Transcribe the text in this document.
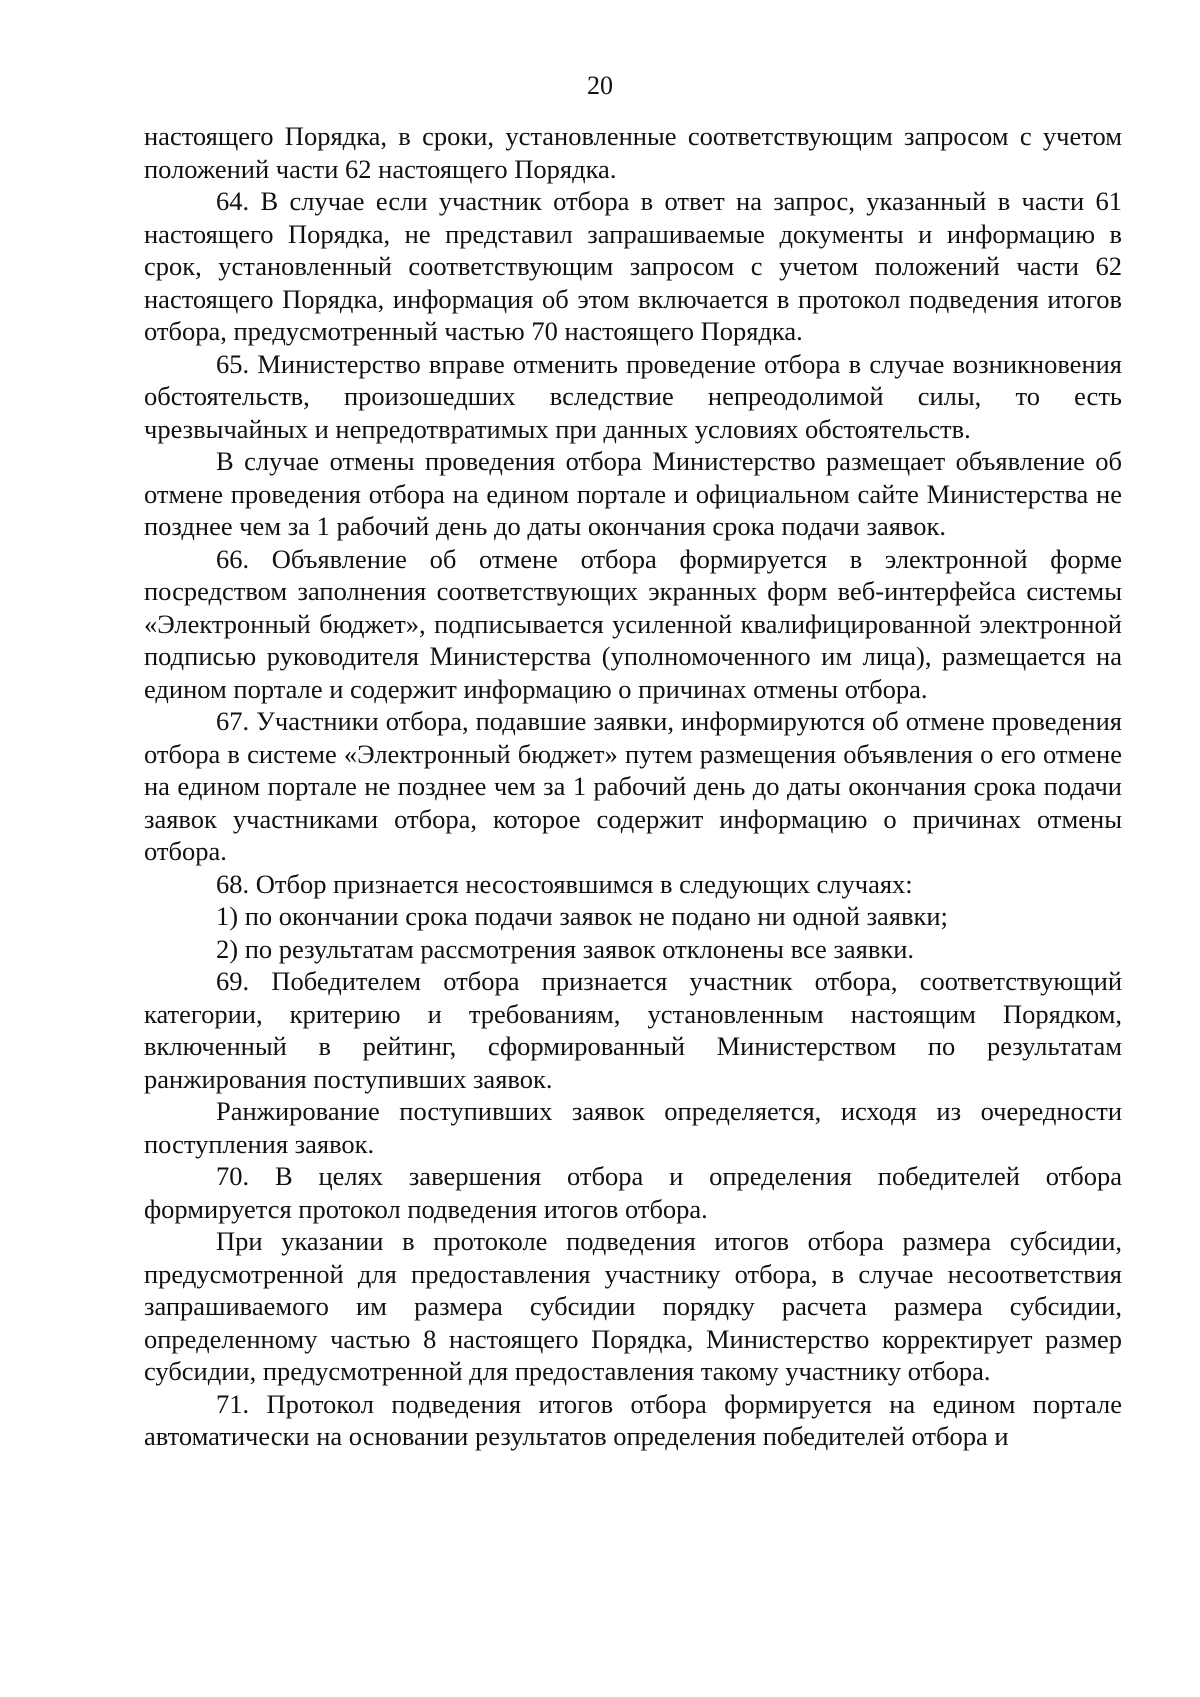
20

настоящего Порядка, в сроки, установленные соответствующим запросом с учетом положений части 62 настоящего Порядка.

64. В случае если участник отбора в ответ на запрос, указанный в части 61 настоящего Порядка, не представил запрашиваемые документы и информацию в срок, установленный соответствующим запросом с учетом положений части 62 настоящего Порядка, информация об этом включается в протокол подведения итогов отбора, предусмотренный частью 70 настоящего Порядка.

65. Министерство вправе отменить проведение отбора в случае возникновения обстоятельств, произошедших вследствие непреодолимой силы, то есть чрезвычайных и непредотвратимых при данных условиях обстоятельств.

В случае отмены проведения отбора Министерство размещает объявление об отмене проведения отбора на едином портале и официальном сайте Министерства не позднее чем за 1 рабочий день до даты окончания срока подачи заявок.

66. Объявление об отмене отбора формируется в электронной форме посредством заполнения соответствующих экранных форм веб-интерфейса системы «Электронный бюджет», подписывается усиленной квалифицированной электронной подписью руководителя Министерства (уполномоченного им лица), размещается на едином портале и содержит информацию о причинах отмены отбора.

67. Участники отбора, подавшие заявки, информируются об отмене проведения отбора в системе «Электронный бюджет» путем размещения объявления о его отмене на едином портале не позднее чем за 1 рабочий день до даты окончания срока подачи заявок участниками отбора, которое содержит информацию о причинах отмены отбора.

68. Отбор признается несостоявшимся в следующих случаях:

1) по окончании срока подачи заявок не подано ни одной заявки;

2) по результатам рассмотрения заявок отклонены все заявки.

69. Победителем отбора признается участник отбора, соответствующий категории, критерию и требованиям, установленным настоящим Порядком, включенный в рейтинг, сформированный Министерством по результатам ранжирования поступивших заявок.

Ранжирование поступивших заявок определяется, исходя из очередности поступления заявок.

70. В целях завершения отбора и определения победителей отбора формируется протокол подведения итогов отбора.

При указании в протоколе подведения итогов отбора размера субсидии, предусмотренной для предоставления участнику отбора, в случае несоответствия запрашиваемого им размера субсидии порядку расчета размера субсидии, определенному частью 8 настоящего Порядка, Министерство корректирует размер субсидии, предусмотренной для предоставления такому участнику отбора.

71. Протокол подведения итогов отбора формируется на едином портале автоматически на основании результатов определения победителей отбора и
